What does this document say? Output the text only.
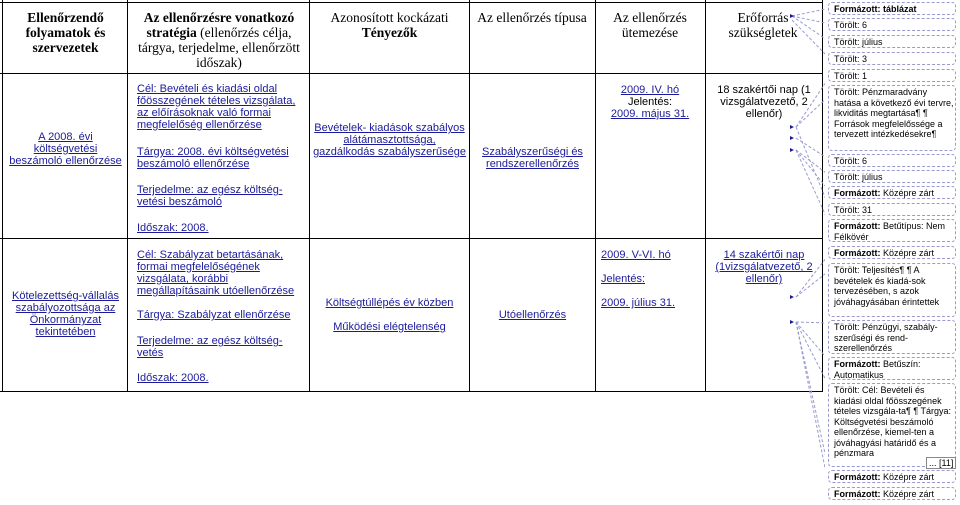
Ellenőrzendő folyamatok és szervezetek
Az ellenőrzésre vonatkozó stratégia (ellenőrzés célja, tárgya, terjedelme, ellenőrzött időszak)
Azonosított kockázati
Tényezők
Az ellenőrzés típusa	Az ellenőrzés ütemezése
Erőforrás szükségletek
A 2008. évi költségvetési beszámoló ellenőrzése
Cél: Bevételi és kiadási oldal főösszegének tételes vizsgálata, az előírásoknak való formai megfelelőség ellenőrzése
Tárgya: 2008. évi költségvetési beszámoló ellenőrzése
Terjedelme: az egész költség-vetési beszámoló
Időszak: 2008.
Bevételek- kiadások szabályos alátámasztottsága, gazdálkodás szabályszerűsége	Szabályszerűségi és rendszerellenőrzés
2009. IV. hó
Jelentés:
2009. május 31.
18 szakértői nap (1 vizsgálatvezető, 2 ellenőr)
Kötelezettség-vállalás szabályozottsága az Önkormányzat tekintetében
Cél: Szabályzat betartásának, formai megfelelőségének vizsgálata, korábbi megállapításaink utóellenőrzése
Tárgya: Szabályzat ellenőrzése
Terjedelme: az egész költség-vetés
Időszak: 2008.
Költségtúllépés év közben
Működési elégtelenség
Utóellenőrzés
2009. V-VI. hó

Jelentés:

2009. július 31.
14 szakértői nap (1vizsgálatvezető, 2 ellenőr)
Formázott: táblázat
Törölt: 6
Törölt: július
Törölt: 3
Törölt: 1
Törölt: Pénzmaradvány hatása a következő évi tervre, likviditás megtartása¶ ¶ Források megfelelőssége a tervezett intézkedésekre¶
Törölt: 6
Törölt: július
Formázott: Középre zárt
Törölt: 31
Formázott: Betűtípus: Nem Félkövér
Formázott: Középre zárt
Törölt: Teljesítés¶ ¶ A bevételek és kiadá-sok tervezésében, s azok jóváhagyásában érintettek
Törölt: Pénzügyi, szabály-szerűségi és rend-szerellenőrzés
Formázott: Betűszín: Automatikus
Törölt: Cél: Bevételi és kiadási oldal főösszegének tételes vizsgála-ta¶ ¶ Tárgya: Költségvetési beszámoló ellenőrzése, kiemel-ten a jóváhagyási határidő és a pénzmara
... [11]
Formázott: Középre zárt
Formázott: Középre zárt
